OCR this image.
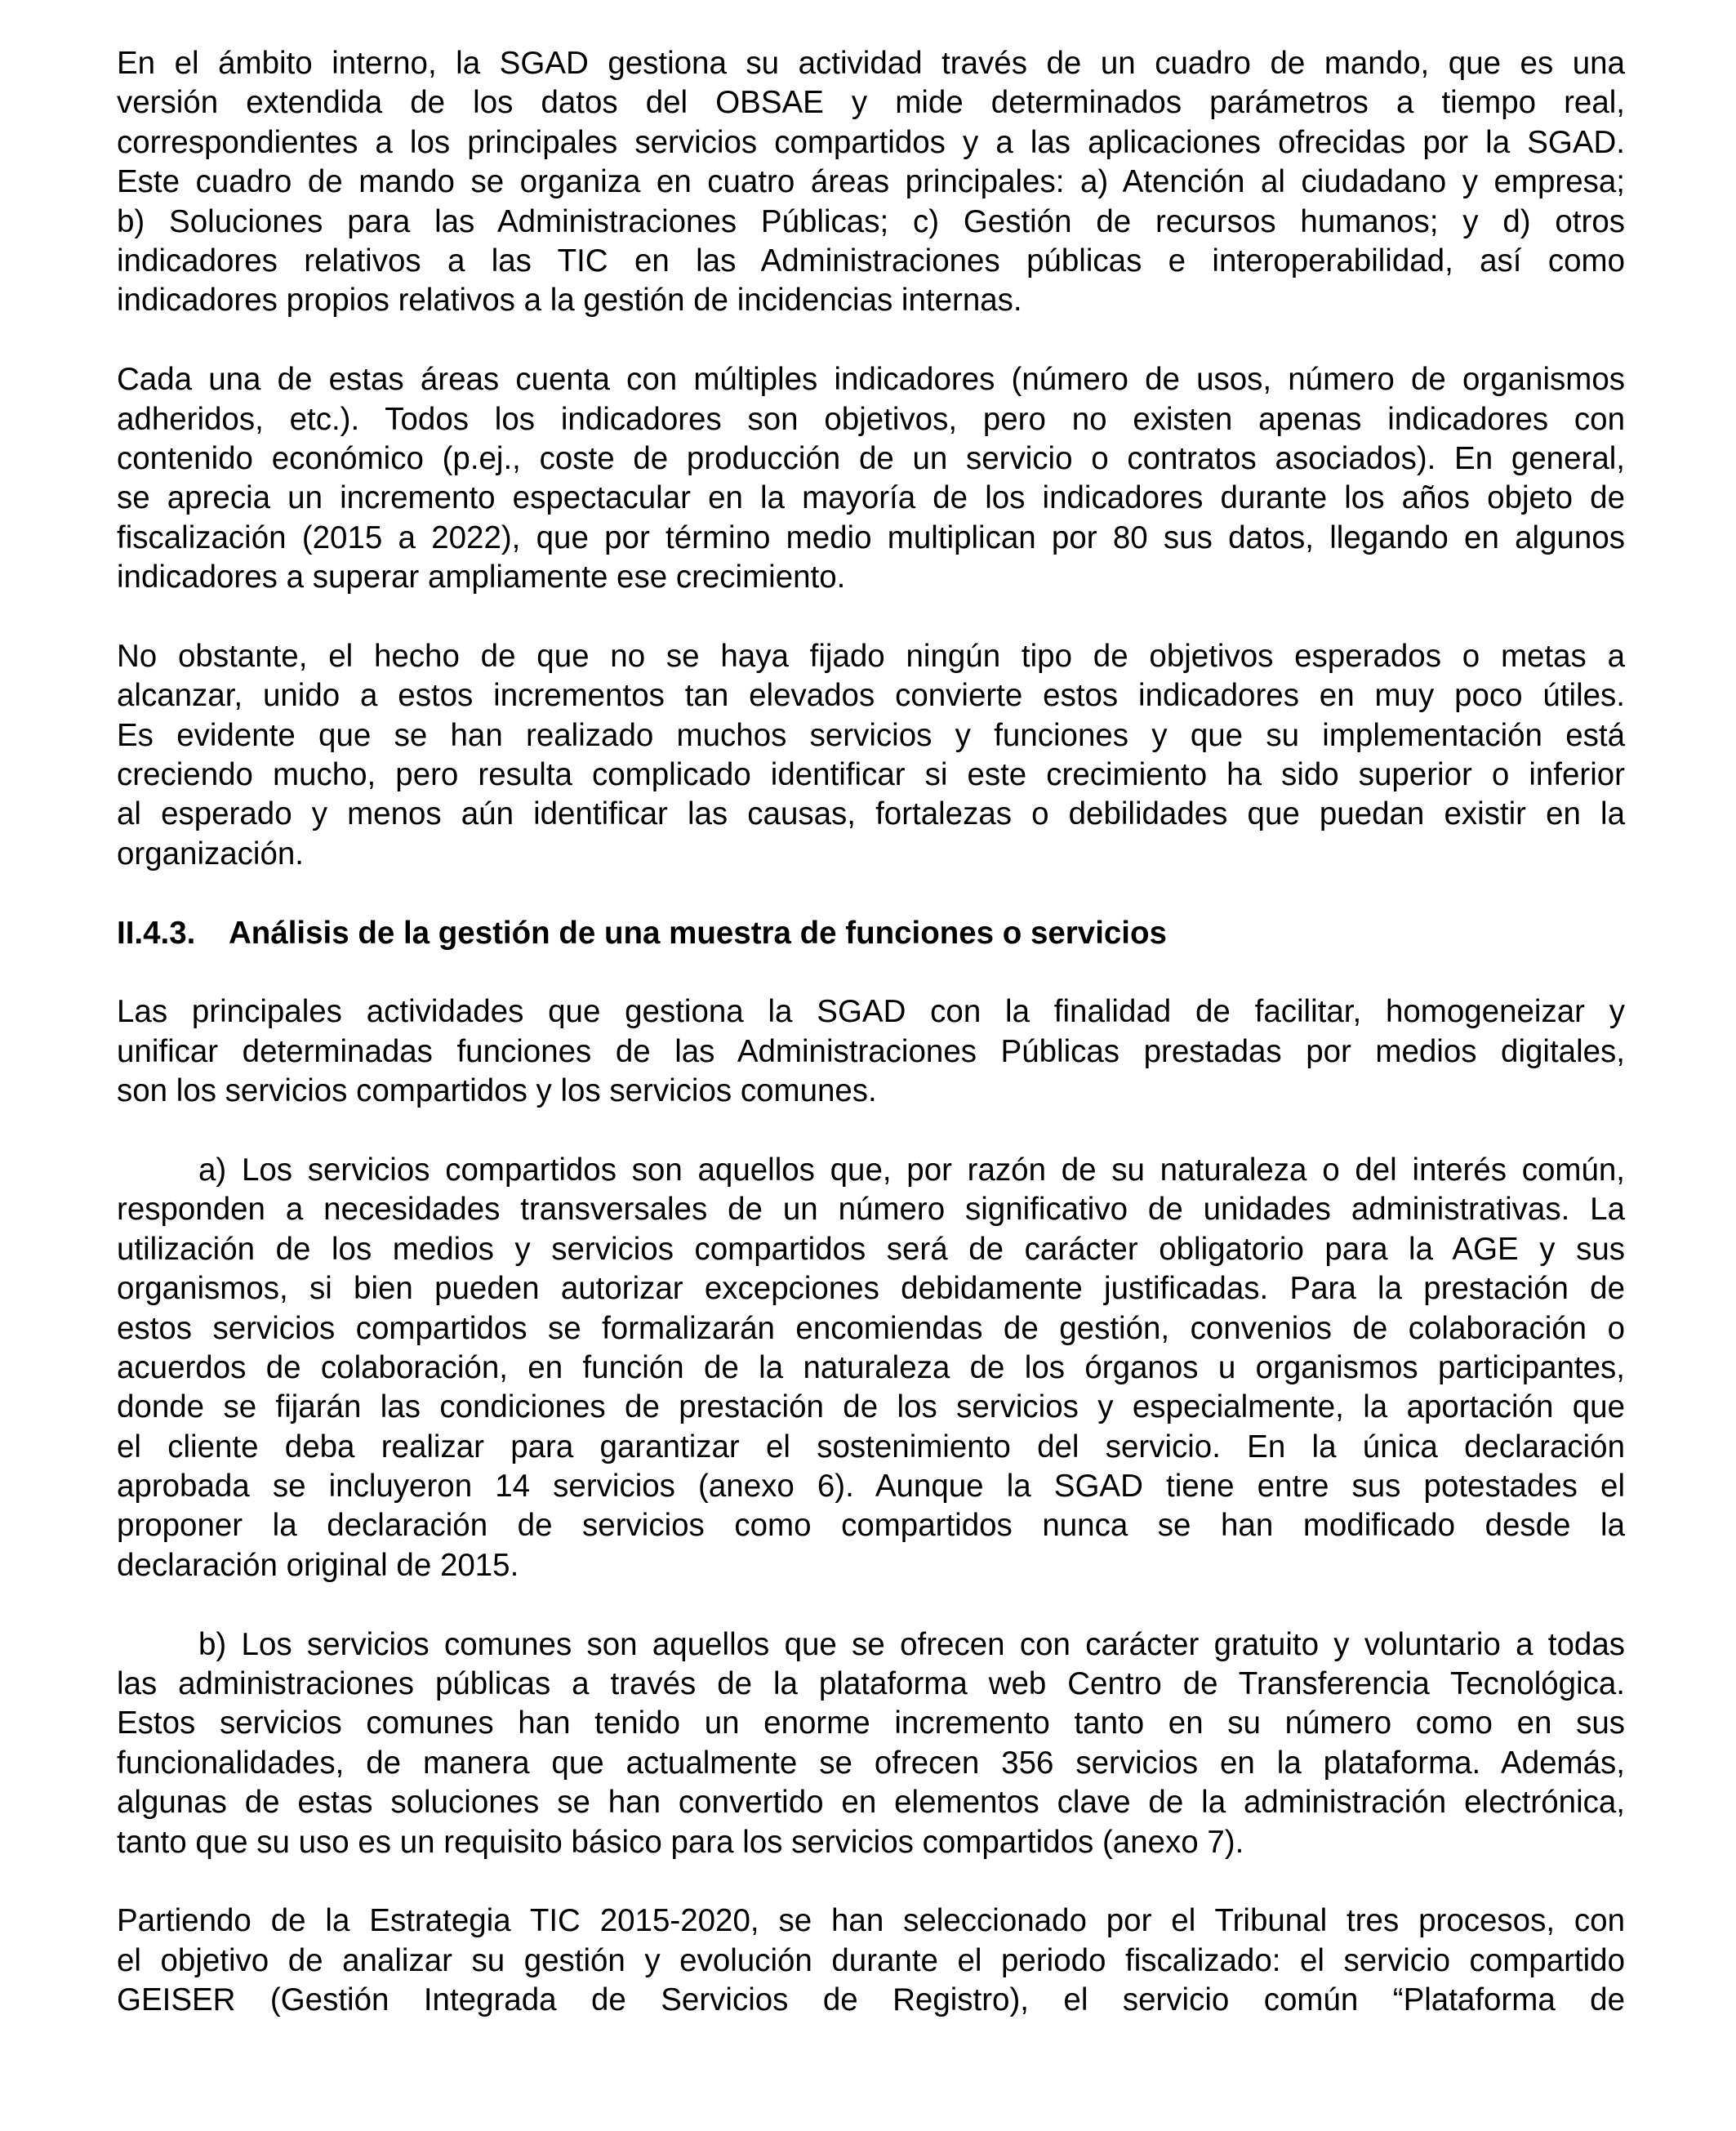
En el ámbito interno, la SGAD gestiona su actividad través de un cuadro de mando, que es una
versión extendida de los datos del OBSAE y mide determinados parámetros a tiempo real,
correspondientes a los principales servicios compartidos y a las aplicaciones ofrecidas por la SGAD.
Este cuadro de mando se organiza en cuatro áreas principales: a) Atención al ciudadano y empresa;
b) Soluciones para las Administraciones Públicas; c) Gestión de recursos humanos; y d) otros
indicadores relativos a las TIC en las Administraciones públicas e interoperabilidad, así como
indicadores propios relativos a la gestión de incidencias internas.

Cada una de estas áreas cuenta con múltiples indicadores (número de usos, número de organismos
adheridos, etc.). Todos los indicadores son objetivos, pero no existen apenas indicadores con
contenido económico (p.ej., coste de producción de un servicio o contratos asociados). En general,
se aprecia un incremento espectacular en la mayoría de los indicadores durante los años objeto de
fiscalización (2015 a 2022), que por término medio multiplican por 80 sus datos, llegando en algunos
indicadores a superar ampliamente ese crecimiento.

No obstante, el hecho de que no se haya fijado ningún tipo de objetivos esperados o metas a
alcanzar, unido a estos incrementos tan elevados convierte estos indicadores en muy poco útiles.
Es evidente que se han realizado muchos servicios y funciones y que su implementación está
creciendo mucho, pero resulta complicado identificar si este crecimiento ha sido superior o inferior
al esperado y menos aún identificar las causas, fortalezas o debilidades que puedan existir en la
organización.

II.4.3. Análisis de la gestión de una muestra de funciones o servicios

Las principales actividades que gestiona la SGAD con la finalidad de facilitar, homogeneizar y
unificar determinadas funciones de las Administraciones Públicas prestadas por medios digitales,
son los servicios compartidos y los servicios comunes.

a) Los servicios compartidos son aquellos que, por razón de su naturaleza o del interés común,
responden a necesidades transversales de un número significativo de unidades administrativas. La
utilización de los medios y servicios compartidos será de carácter obligatorio para la AGE y sus
organismos, si bien pueden autorizar excepciones debidamente justificadas. Para la prestación de
estos servicios compartidos se formalizarán encomiendas de gestión, convenios de colaboración o
acuerdos de colaboración, en función de la naturaleza de los órganos u organismos participantes,
donde se fijarán las condiciones de prestación de los servicios y especialmente, la aportación que
el cliente deba realizar para garantizar el sostenimiento del servicio. En la única declaración
aprobada se incluyeron 14 servicios (anexo 6). Aunque la SGAD tiene entre sus potestades el
proponer la declaración de servicios como compartidos nunca se han modificado desde la
declaración original de 2015.

b) Los servicios comunes son aquellos que se ofrecen con carácter gratuito y voluntario a todas
las administraciones públicas a través de la plataforma web Centro de Transferencia Tecnológica.
Estos servicios comunes han tenido un enorme incremento tanto en su número como en sus
funcionalidades, de manera que actualmente se ofrecen 356 servicios en la plataforma. Además,
algunas de estas soluciones se han convertido en elementos clave de la administración electrónica,
tanto que su uso es un requisito básico para los servicios compartidos (anexo 7).

Partiendo de la Estrategia TIC 2015-2020, se han seleccionado por el Tribunal tres procesos, con
el objetivo de analizar su gestión y evolución durante el periodo fiscalizado: el servicio compartido
GEISER (Gestión Integrada de Servicios de Registro), el servicio común “Plataforma de
